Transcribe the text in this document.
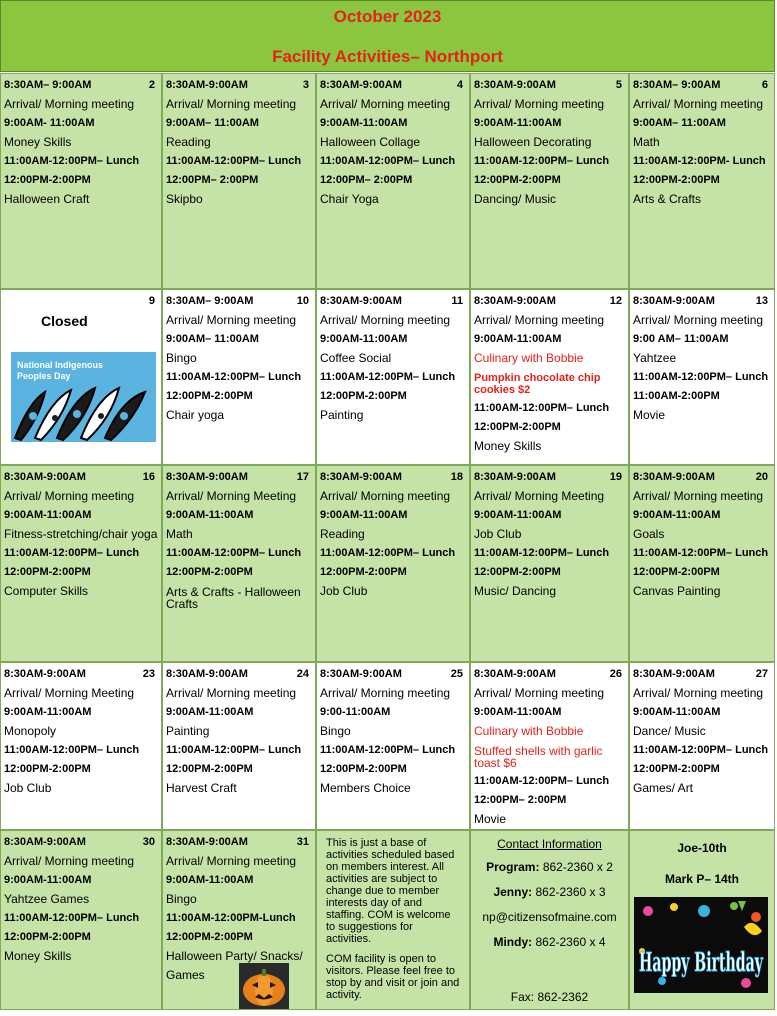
October 2023
Facility Activities– Northport
2
8:30AM– 9:00AM
Arrival/ Morning meeting
9:00AM- 11:00AM
Money Skills
11:00AM-12:00PM– Lunch
12:00PM-2:00PM
Halloween Craft
3
8:30AM-9:00AM
Arrival/ Morning meeting
9:00AM– 11:00AM
Reading
11:00AM-12:00PM– Lunch
12:00PM– 2:00PM
Skipbo
4
8:30AM-9:00AM
Arrival/ Morning meeting
9:00AM-11:00AM
Halloween Collage
11:00AM-12:00PM– Lunch
12:00PM– 2:00PM
Chair Yoga
5
8:30AM-9:00AM
Arrival/ Morning meeting
9:00AM-11:00AM
Halloween Decorating
11:00AM-12:00PM– Lunch
12:00PM-2:00PM
Dancing/ Music
6
8:30AM– 9:00AM
Arrival/ Morning meeting
9:00AM– 11:00AM
Math
11:00AM-12:00PM- Lunch
12:00PM-2:00PM
Arts & Crafts
9
Closed
National Indigenous Peoples Day
10
8:30AM– 9:00AM
Arrival/ Morning meeting
9:00AM– 11:00AM
Bingo
11:00AM-12:00PM– Lunch
12:00PM-2:00PM
Chair yoga
11
8:30AM-9:00AM
Arrival/ Morning meeting
9:00AM-11:00AM
Coffee Social
11:00AM-12:00PM– Lunch
12:00PM-2:00PM
Painting
12
8:30AM-9:00AM
Arrival/ Morning meeting
9:00AM-11:00AM
Culinary with Bobbie
Pumpkin chocolate chip cookies $2
11:00AM-12:00PM– Lunch
12:00PM-2:00PM
Money Skills
13
8:30AM-9:00AM
Arrival/ Morning meeting
9:00 AM– 11:00AM
Yahtzee
11:00AM-12:00PM– Lunch
11:00AM-2:00PM
Movie
16
8:30AM-9:00AM
Arrival/ Morning meeting
9:00AM-11:00AM
Fitness-stretching/chair yoga
11:00AM-12:00PM– Lunch
12:00PM-2:00PM
Computer Skills
17
8:30AM-9:00AM
Arrival/ Morning Meeting
9:00AM-11:00AM
Math
11:00AM-12:00PM– Lunch
12:00PM-2:00PM
Arts & Crafts - Halloween Crafts
18
8:30AM-9:00AM
Arrival/ Morning meeting
9:00AM-11:00AM
Reading
11:00AM-12:00PM– Lunch
12:00PM-2:00PM
Job Club
19
8:30AM-9:00AM
Arrival/ Morning Meeting
9:00AM-11:00AM
Job Club
11:00AM-12:00PM– Lunch
12:00PM-2:00PM
Music/ Dancing
20
8:30AM-9:00AM
Arrival/ Morning meeting
9:00AM-11:00AM
Goals
11:00AM-12:00PM– Lunch
12:00PM-2:00PM
Canvas Painting
23
8:30AM-9:00AM
Arrival/ Morning Meeting
9:00AM-11:00AM
Monopoly
11:00AM-12:00PM– Lunch
12:00PM-2:00PM
Job Club
24
8:30AM-9:00AM
Arrival/ Morning meeting
9:00AM-11:00AM
Painting
11:00AM-12:00PM– Lunch
12:00PM-2:00PM
Harvest Craft
25
8:30AM-9:00AM
Arrival/ Morning meeting
9:00-11:00AM
Bingo
11:00AM-12:00PM– Lunch
12:00PM-2:00PM
Members Choice
26
8:30AM-9:00AM
Arrival/ Morning meeting
9:00AM-11:00AM
Culinary with Bobbie
Stuffed shells with garlic toast $6
11:00AM-12:00PM– Lunch
12:00PM– 2:00PM
Movie
27
8:30AM-9:00AM
Arrival/ Morning meeting
9:00AM-11:00AM
Dance/ Music
11:00AM-12:00PM– Lunch
12:00PM-2:00PM
Games/ Art
30
8:30AM-9:00AM
Arrival/ Morning meeting
9:00AM-11:00AM
Yahtzee Games
11:00AM-12:00PM– Lunch
12:00PM-2:00PM
Money Skills
31
8:30AM-9:00AM
Arrival/ Morning meeting
9:00AM-11:00AM
Bingo
11:00AM-12:00PM-Lunch
12:00PM-2:00PM
Halloween Party/ Snacks/
Games

This is just a base of activities scheduled based on members interest. All activities are subject to change due to member interests day of and staffing. COM is welcome to suggestions for activities.

COM facility is open to visitors. Please feel free to stop by and visit or join and activity.

Contact Information
Program: 862-2360 x 2
Jenny: 862-2360 x 3
np@citizensofmaine.com
Mindy: 862-2360 x 4
Fax: 862-2362
Joe-10th
Mark P– 14th
Happy Birthday
